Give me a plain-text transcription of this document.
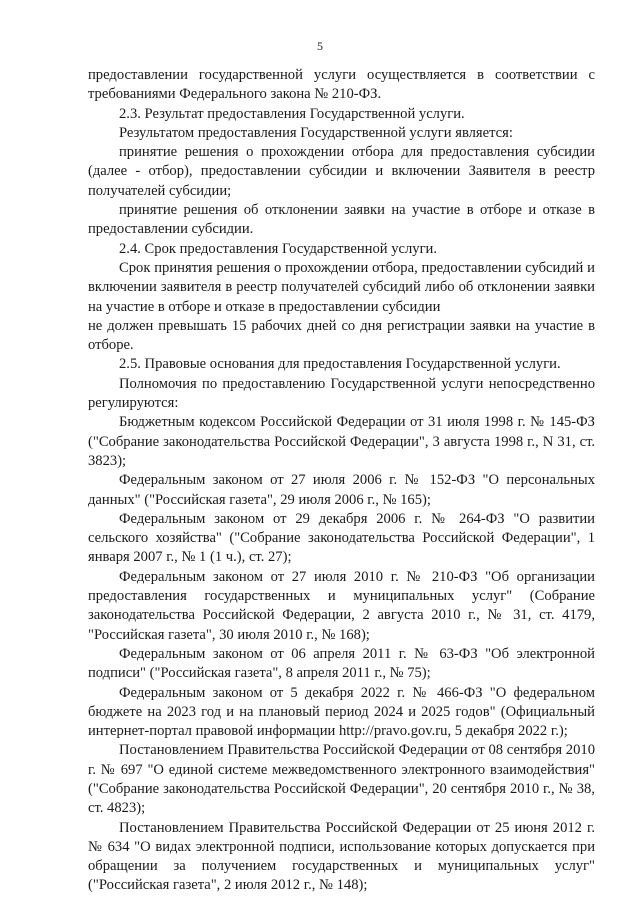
5

предоставлении государственной услуги осуществляется в соответствии с требованиями Федерального закона № 210-ФЗ.

2.3. Результат предоставления Государственной услуги.

Результатом предоставления Государственной услуги является:

принятие решения о прохождении отбора для предоставления субсидии (далее - отбор), предоставлении субсидии и включении Заявителя в реестр получателей субсидии;

принятие решения об отклонении заявки на участие в отборе и отказе в предоставлении субсидии.

2.4. Срок предоставления Государственной услуги.

Срок принятия решения о прохождении отбора, предоставлении субсидий и включении заявителя в реестр получателей субсидий либо об отклонении заявки на участие в отборе и отказе в предоставлении субсидии

не должен превышать 15 рабочих дней со дня регистрации заявки на участие в отборе.

2.5. Правовые основания для предоставления Государственной услуги.

Полномочия по предоставлению Государственной услуги непосредственно регулируются:

Бюджетным кодексом Российской Федерации от 31 июля 1998 г. № 145-ФЗ ("Собрание законодательства Российской Федерации", 3 августа 1998 г., N 31, ст. 3823);

Федеральным законом от 27 июля 2006 г. № 152-ФЗ "О персональных данных" ("Российская газета", 29 июля 2006 г., № 165);

Федеральным законом от 29 декабря 2006 г. № 264-ФЗ "О развитии сельского хозяйства" ("Собрание законодательства Российской Федерации", 1 января 2007 г., № 1 (1 ч.), ст. 27);

Федеральным законом от 27 июля 2010 г. № 210-ФЗ "Об организации предоставления государственных и муниципальных услуг" (Собрание законодательства Российской Федерации, 2 августа 2010 г., № 31, ст. 4179, "Российская газета", 30 июля 2010 г., № 168);

Федеральным законом от 06 апреля 2011 г. № 63-ФЗ "Об электронной подписи" ("Российская газета", 8 апреля 2011 г., № 75);

Федеральным законом от 5 декабря 2022 г. № 466-ФЗ "О федеральном бюджете на 2023 год и на плановый период 2024 и 2025 годов" (Официальный интернет-портал правовой информации http://pravo.gov.ru, 5 декабря 2022 г.);

Постановлением Правительства Российской Федерации от 08 сентября 2010 г. № 697 "О единой системе межведомственного электронного взаимодействия" ("Собрание законодательства Российской Федерации", 20 сентября 2010 г., № 38, ст. 4823);

Постановлением Правительства Российской Федерации от 25 июня 2012 г. № 634 "О видах электронной подписи, использование которых допускается при обращении за получением государственных и муниципальных услуг" ("Российская газета", 2 июля 2012 г., № 148);
